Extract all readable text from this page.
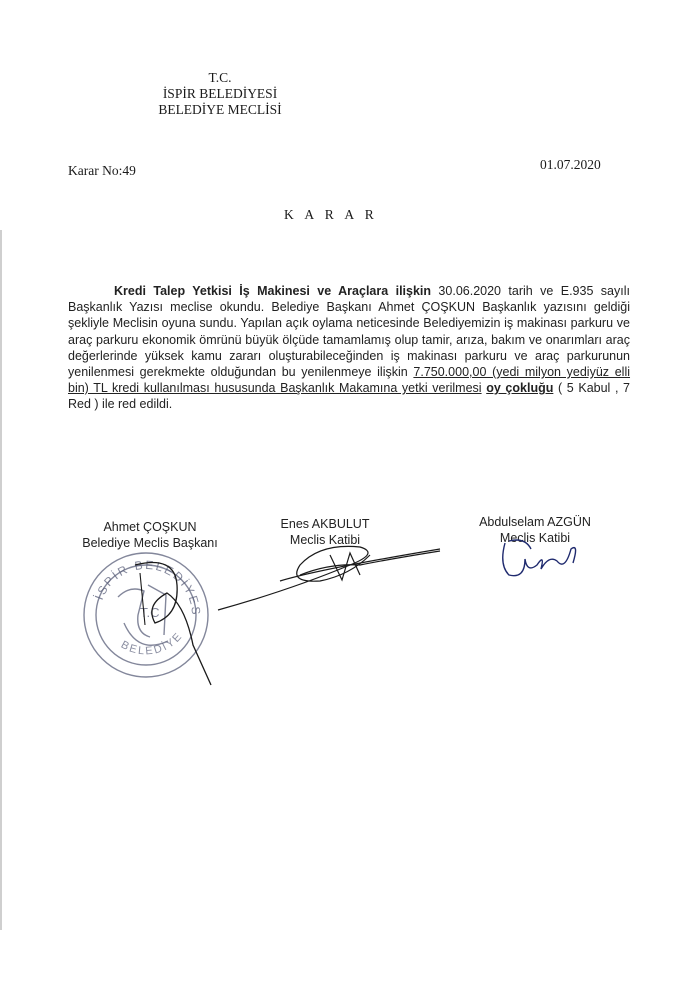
T.C.
İSPİR BELEDİYESİ
BELEDİYE MECLİSİ
Karar No:49	01.07.2020
K A R A R
Kredi Talep Yetkisi İş Makinesi ve Araçlara ilişkin 30.06.2020 tarih ve E.935 sayılı Başkanlık Yazısı meclise okundu. Belediye Başkanı Ahmet ÇOŞKUN Başkanlık yazısını geldiği şekliyle Meclisin oyuna sundu. Yapılan açık oylama neticesinde Belediyemizin iş makinası parkuru ve araç parkuru ekonomik ömrünü büyük ölçüde tamamlamış olup tamir, arıza, bakım ve onarımları araç değerlerinde yüksek kamu zararı oluşturabileceğinden iş makinası parkuru ve araç parkurunun yenilenmesi gerekmekte olduğundan bu yenilenmeye ilişkin 7.750.000,00 (yedi milyon yediyüz elli bin) TL kredi kullanılması hususunda Başkanlık Makamına yetki verilmesi oy çokluğu ( 5 Kabul , 7 Red ) ile red edildi.
İSPİR BELEDİYESİ
BELEDİYE
T.C
Ahmet ÇOŞKUN
Belediye Meclis Başkanı
Enes AKBULUT
Meclis Katibi
Abdulselam AZGÜN
Meclis Katibi
